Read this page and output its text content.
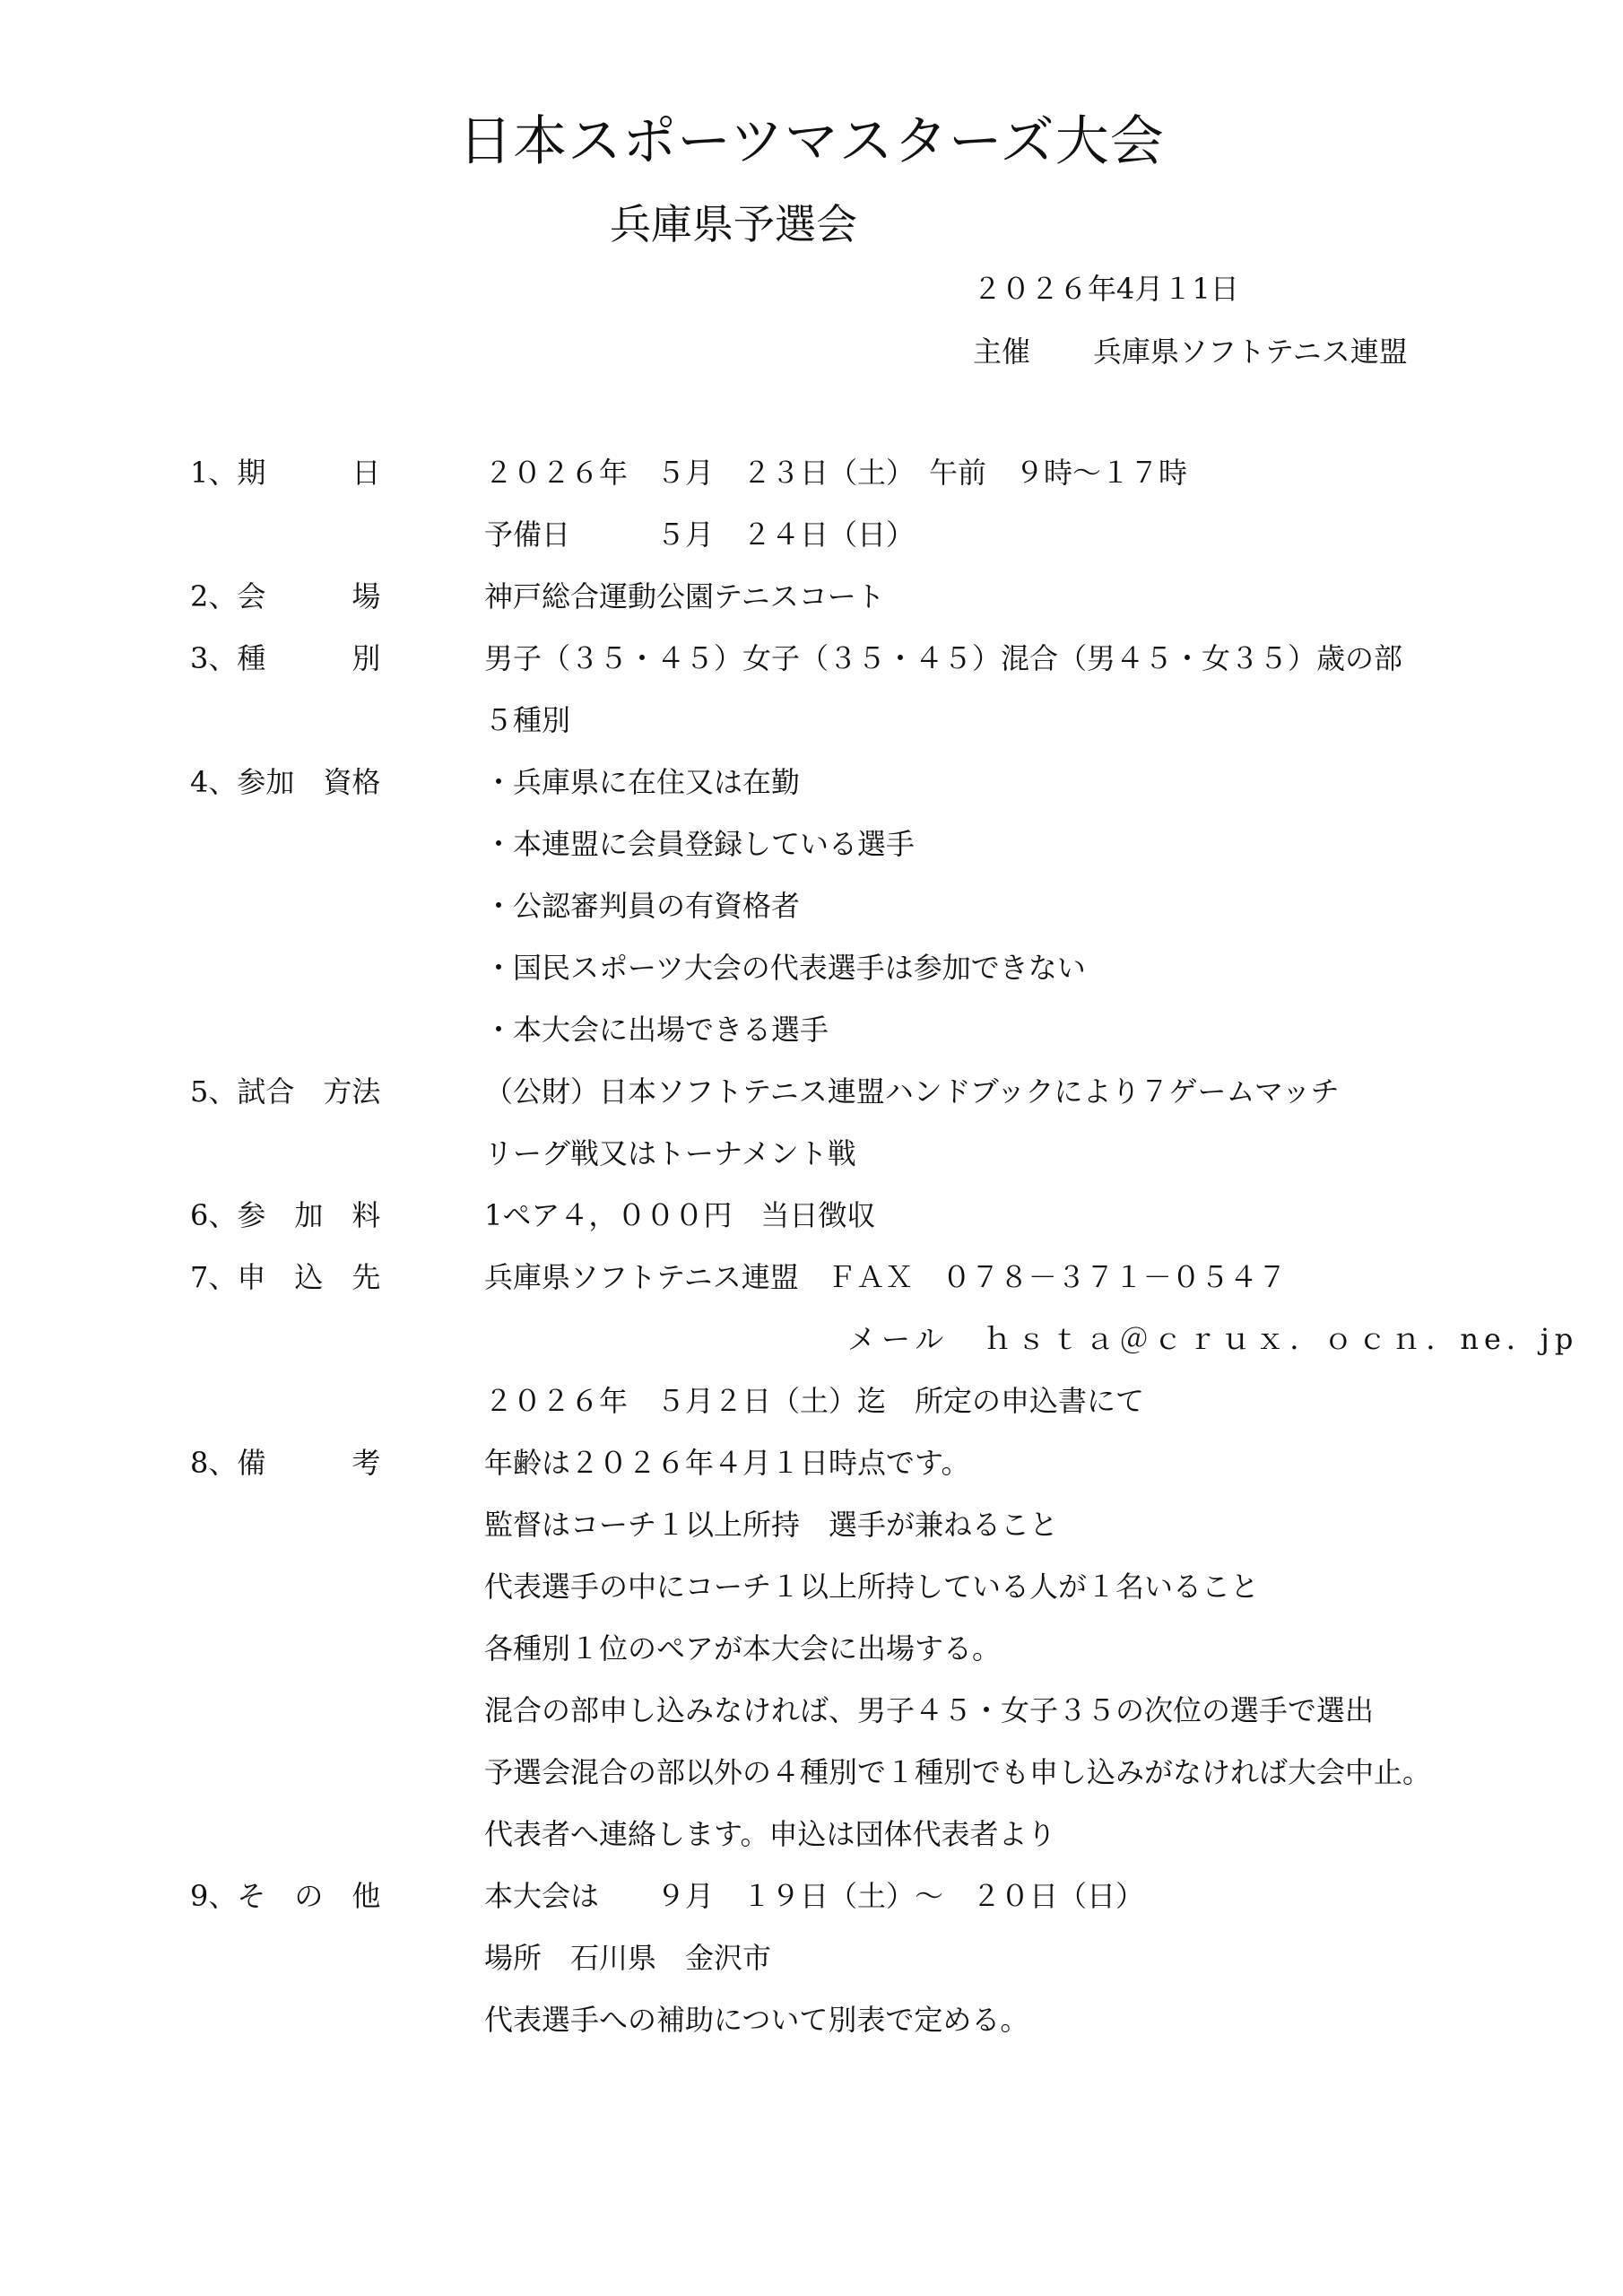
日本スポーツマスターズ大会
兵庫県予選会
２０２６年4月１1日
主催 兵庫県ソフトテニス連盟
1、期　　　日	２０２６年　５月　２３日（土）　午前　９時～１７時
予備日　　　５月　２４日（日）
2、会　　　場	神戸総合運動公園テニスコート
3、種　　　別	男子（３５・４５）女子（３５・４５）混合（男４５・女３５）歳の部
５種別
4、参加　資格	・兵庫県に在住又は在勤
・本連盟に会員登録している選手
・公認審判員の有資格者
・国民スポーツ大会の代表選手は参加できない
・本大会に出場できる選手
5、試合　方法	（公財）日本ソフトテニス連盟ハンドブックにより７ゲームマッチ
リーグ戦又はトーナメント戦
6、参　加　料	1ペア４，０００円　当日徴収
7、申　込　先	兵庫県ソフトテニス連盟　ＦＡＸ　０７８－３７１－０５４７
メール　ｈｓｔａ＠ｃｒｕｘ．ｏｃｎ．ne．jp
２０２６年　５月２日（土）迄　所定の申込書にて
8、備　　　考	年齢は２０２６年４月１日時点です。
監督はコーチ１以上所持　選手が兼ねること
代表選手の中にコーチ１以上所持している人が１名いること
各種別１位のペアが本大会に出場する。
混合の部申し込みなければ、男子４５・女子３５の次位の選手で選出
予選会混合の部以外の４種別で１種別でも申し込みがなければ大会中止。
代表者へ連絡します。申込は団体代表者より
9、そ　の　他	本大会は　　９月　１９日（土）～　２０日（日）
場所　石川県　金沢市
代表選手への補助について別表で定める。
